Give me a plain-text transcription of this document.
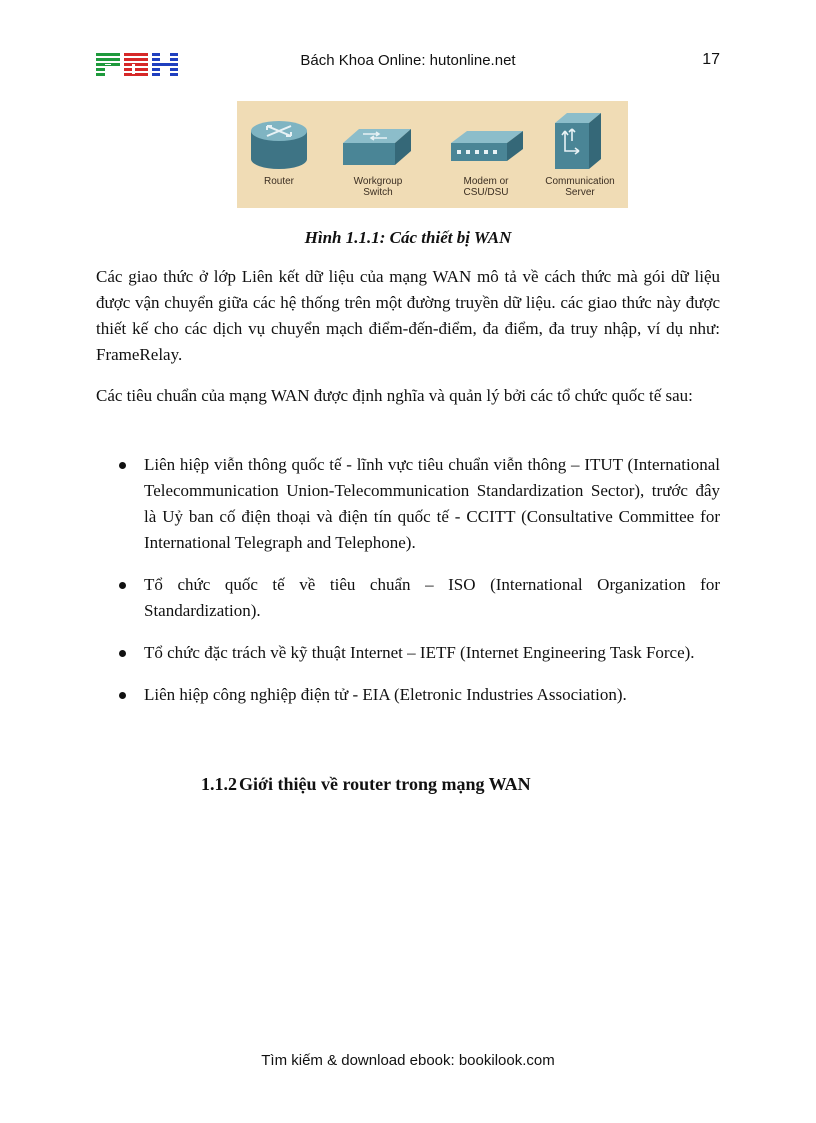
Bách Khoa Online: hutonline.net	17
Router	Workgroup Switch
Modem or CSU/DSU
Communication Server
Hình 1.1.1: Các thiết bị WAN

Các giao thức ở lớp Liên kết dữ liệu của mạng WAN mô tả về cách thức mà gói dữ liệu được vận chuyển giữa các hệ thống trên một đường truyền dữ liệu. các giao thức này được thiết kế cho các dịch vụ chuyển mạch điểm-đến-điểm, đa điểm, đa truy nhập, ví dụ như: FrameRelay.

Các tiêu chuẩn của mạng WAN được định nghĩa và quản lý bởi các tổ chức quốc tế sau:

Liên hiệp viễn thông quốc tế - lĩnh vực tiêu chuẩn viễn thông – ITUT (International Telecommunication Union-Telecommunication Standardization Sector), trước đây là Uỷ ban cố điện thoại và điện tín quốc tế - CCITT (Consultative Committee for International Telegraph and Telephone).
Tổ chức quốc tế về tiêu chuẩn – ISO (International Organization for Standardization).
Tổ chức đặc trách về kỹ thuật Internet – IETF (Internet Engineering Task Force).
Liên hiệp công nghiệp điện tử - EIA (Eletronic Industries Association).
1.1.2 Giới thiệu về router trong mạng WAN
Tìm kiếm & download ebook: bookilook.com
